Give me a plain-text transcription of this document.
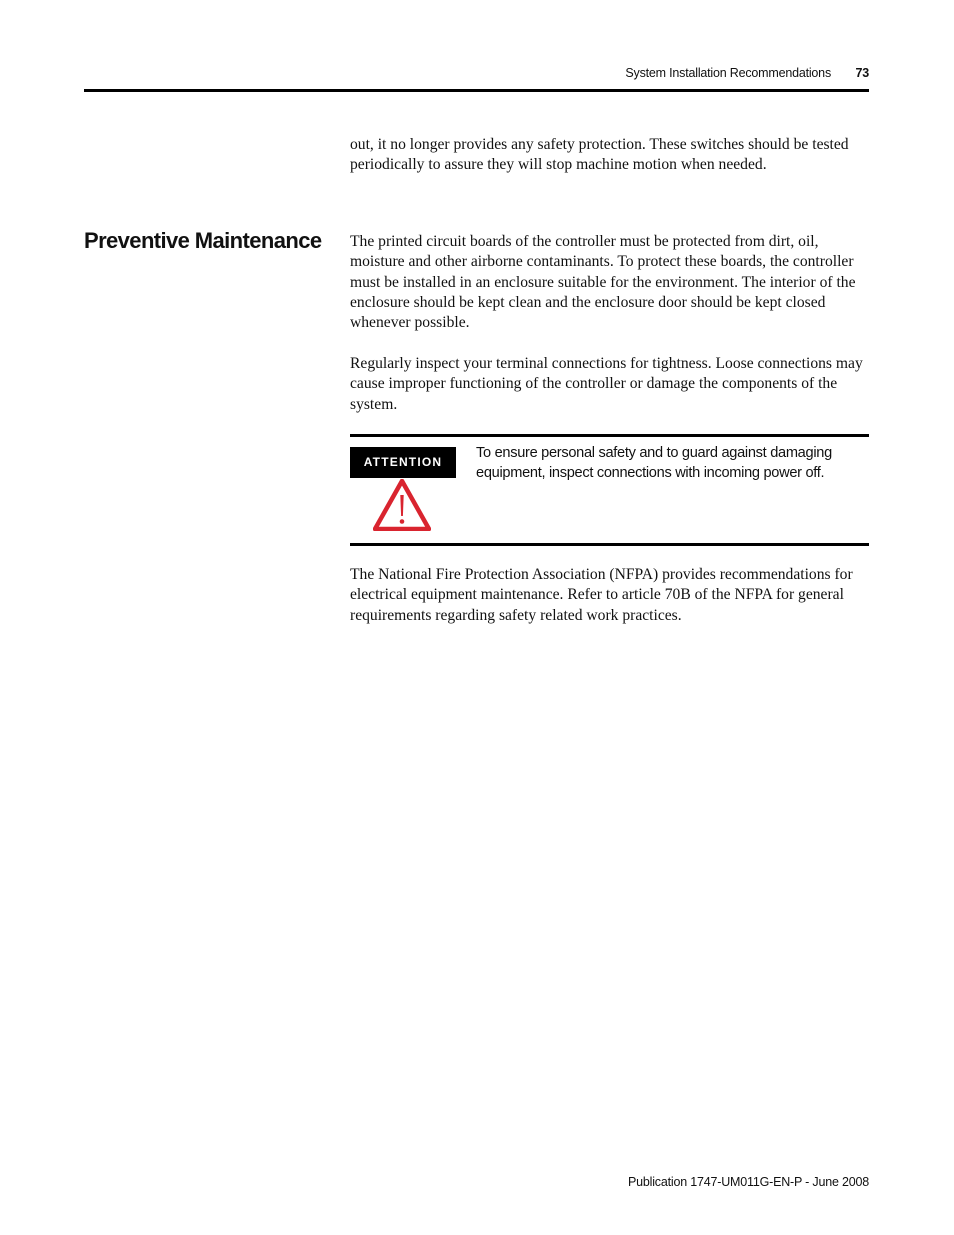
System Installation Recommendations 73

out, it no longer provides any safety protection. These switches should be tested periodically to assure they will stop machine motion when needed.

Preventive Maintenance The printed circuit boards of the controller must be protected from dirt, oil, moisture and other airborne contaminants. To protect these boards, the controller must be installed in an enclosure suitable for the environment. The interior of the enclosure should be kept clean and the enclosure door should be kept closed whenever possible.

Regularly inspect your terminal connections for tightness. Loose connections may cause improper functioning of the controller or damage the components of the system.

ATTENTION

To ensure personal safety and to guard against damaging equipment, inspect connections with incoming power off.

The National Fire Protection Association (NFPA) provides recommendations for electrical equipment maintenance. Refer to article 70B of the NFPA for general requirements regarding safety related work practices.

Publication 1747-UM011G-EN-P - June 2008
